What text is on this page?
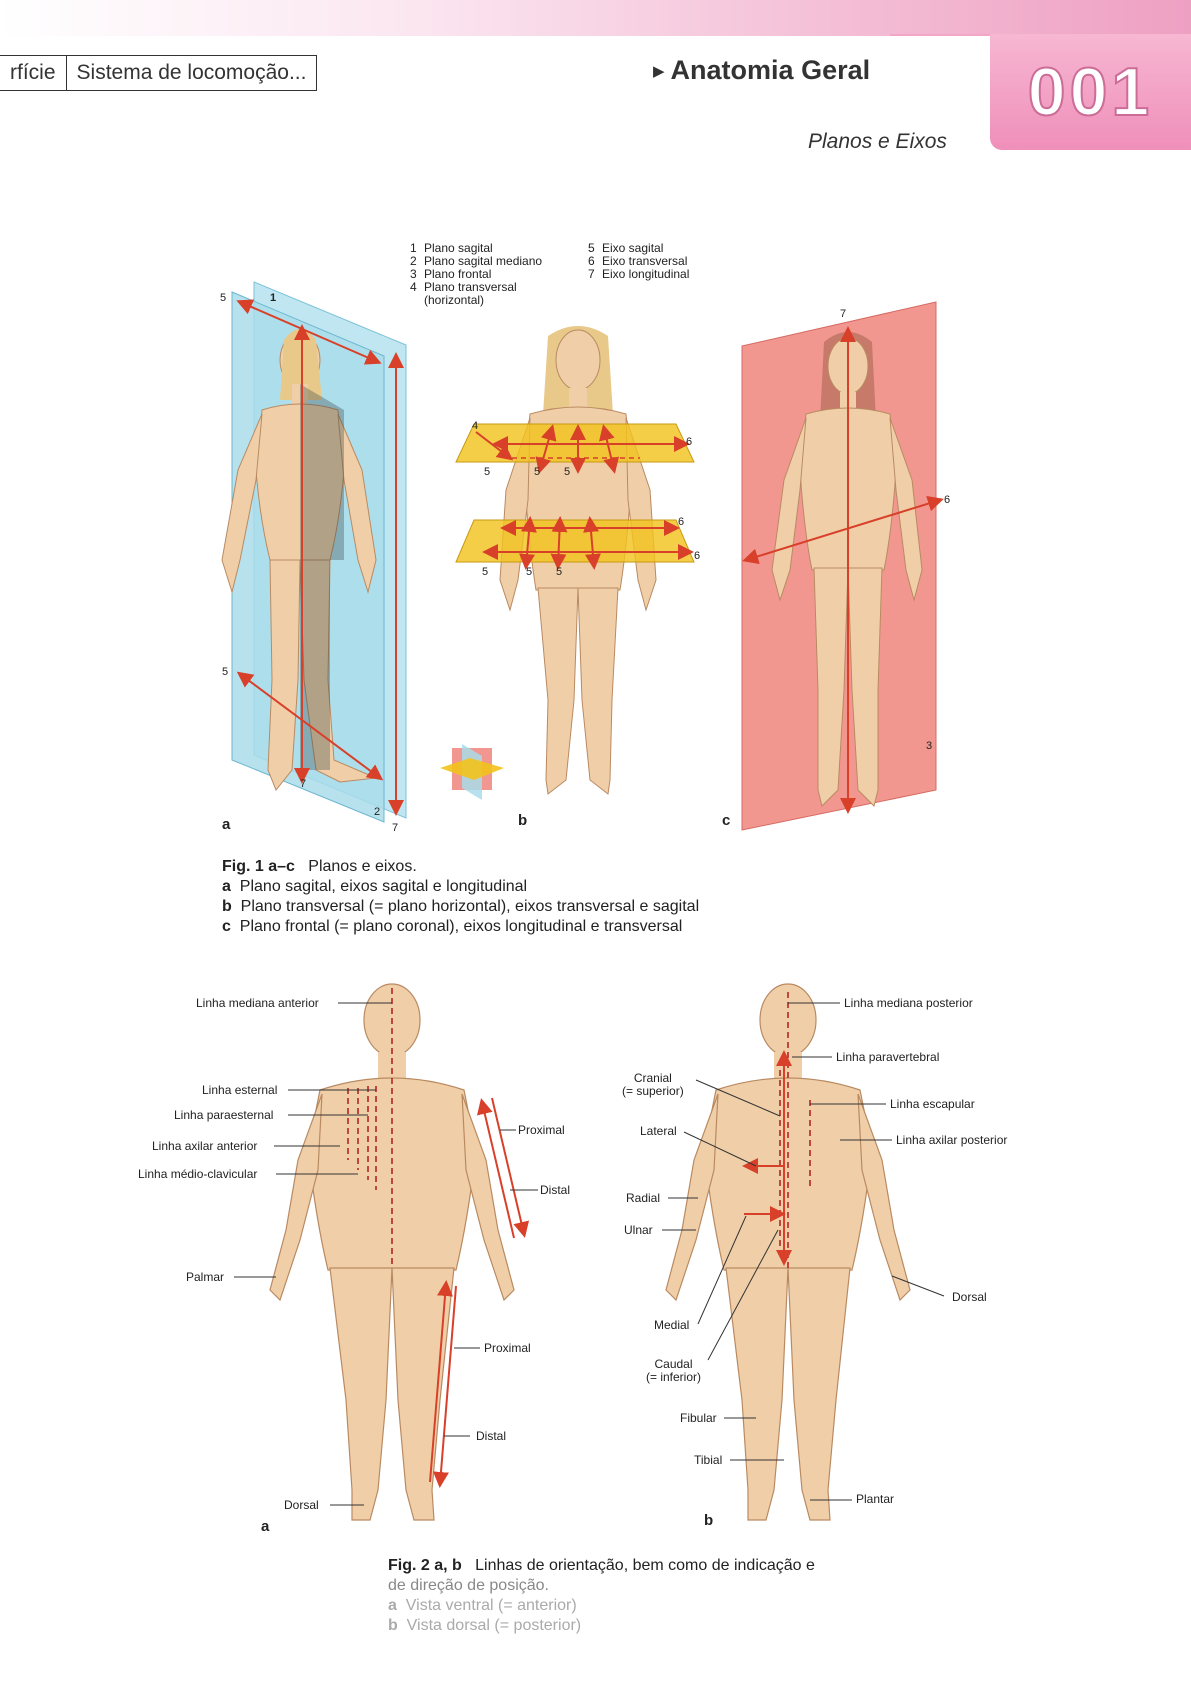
rfície	Sistema de locomoção...	▶ Anatomia Geral 001
Planos e Eixos
5	1
5
7
2
7
4
6
5	5 5
6
6
5	5 5
7
6
3
1 Plano sagital
2 Plano sagital mediano
3 Plano frontal
4 Plano transversal
(horizontal)
5 Eixo sagital
6 Eixo transversal
7 Eixo longitudinal
a	b	c
Fig. 1 a–c Planos e eixos.
a Plano sagital, eixos sagital e longitudinal
b Plano transversal (= plano horizontal), eixos transversal e sagital
c Plano frontal (= plano coronal), eixos longitudinal e transversal
Linha mediana anterior
Linha esternal
Linha paraesternal
Linha axilar anterior
Linha médio-clavicular
Palmar
Dorsal
Proximal
Distal
Proximal
Distal
Linha mediana posterior
Linha paravertebral
Linha escapular
Linha axilar posterior
Cranial
(= superior)
Lateral
Radial
Ulnar
Medial
Caudal
(= inferior)
Fibular
Tibial
Plantar
Dorsal
a	b
Fig. 2 a, b Linhas de orientação, bem como de indicação e
de direção de posição.
a Vista ventral (= anterior)
b Vista dorsal (= posterior)
